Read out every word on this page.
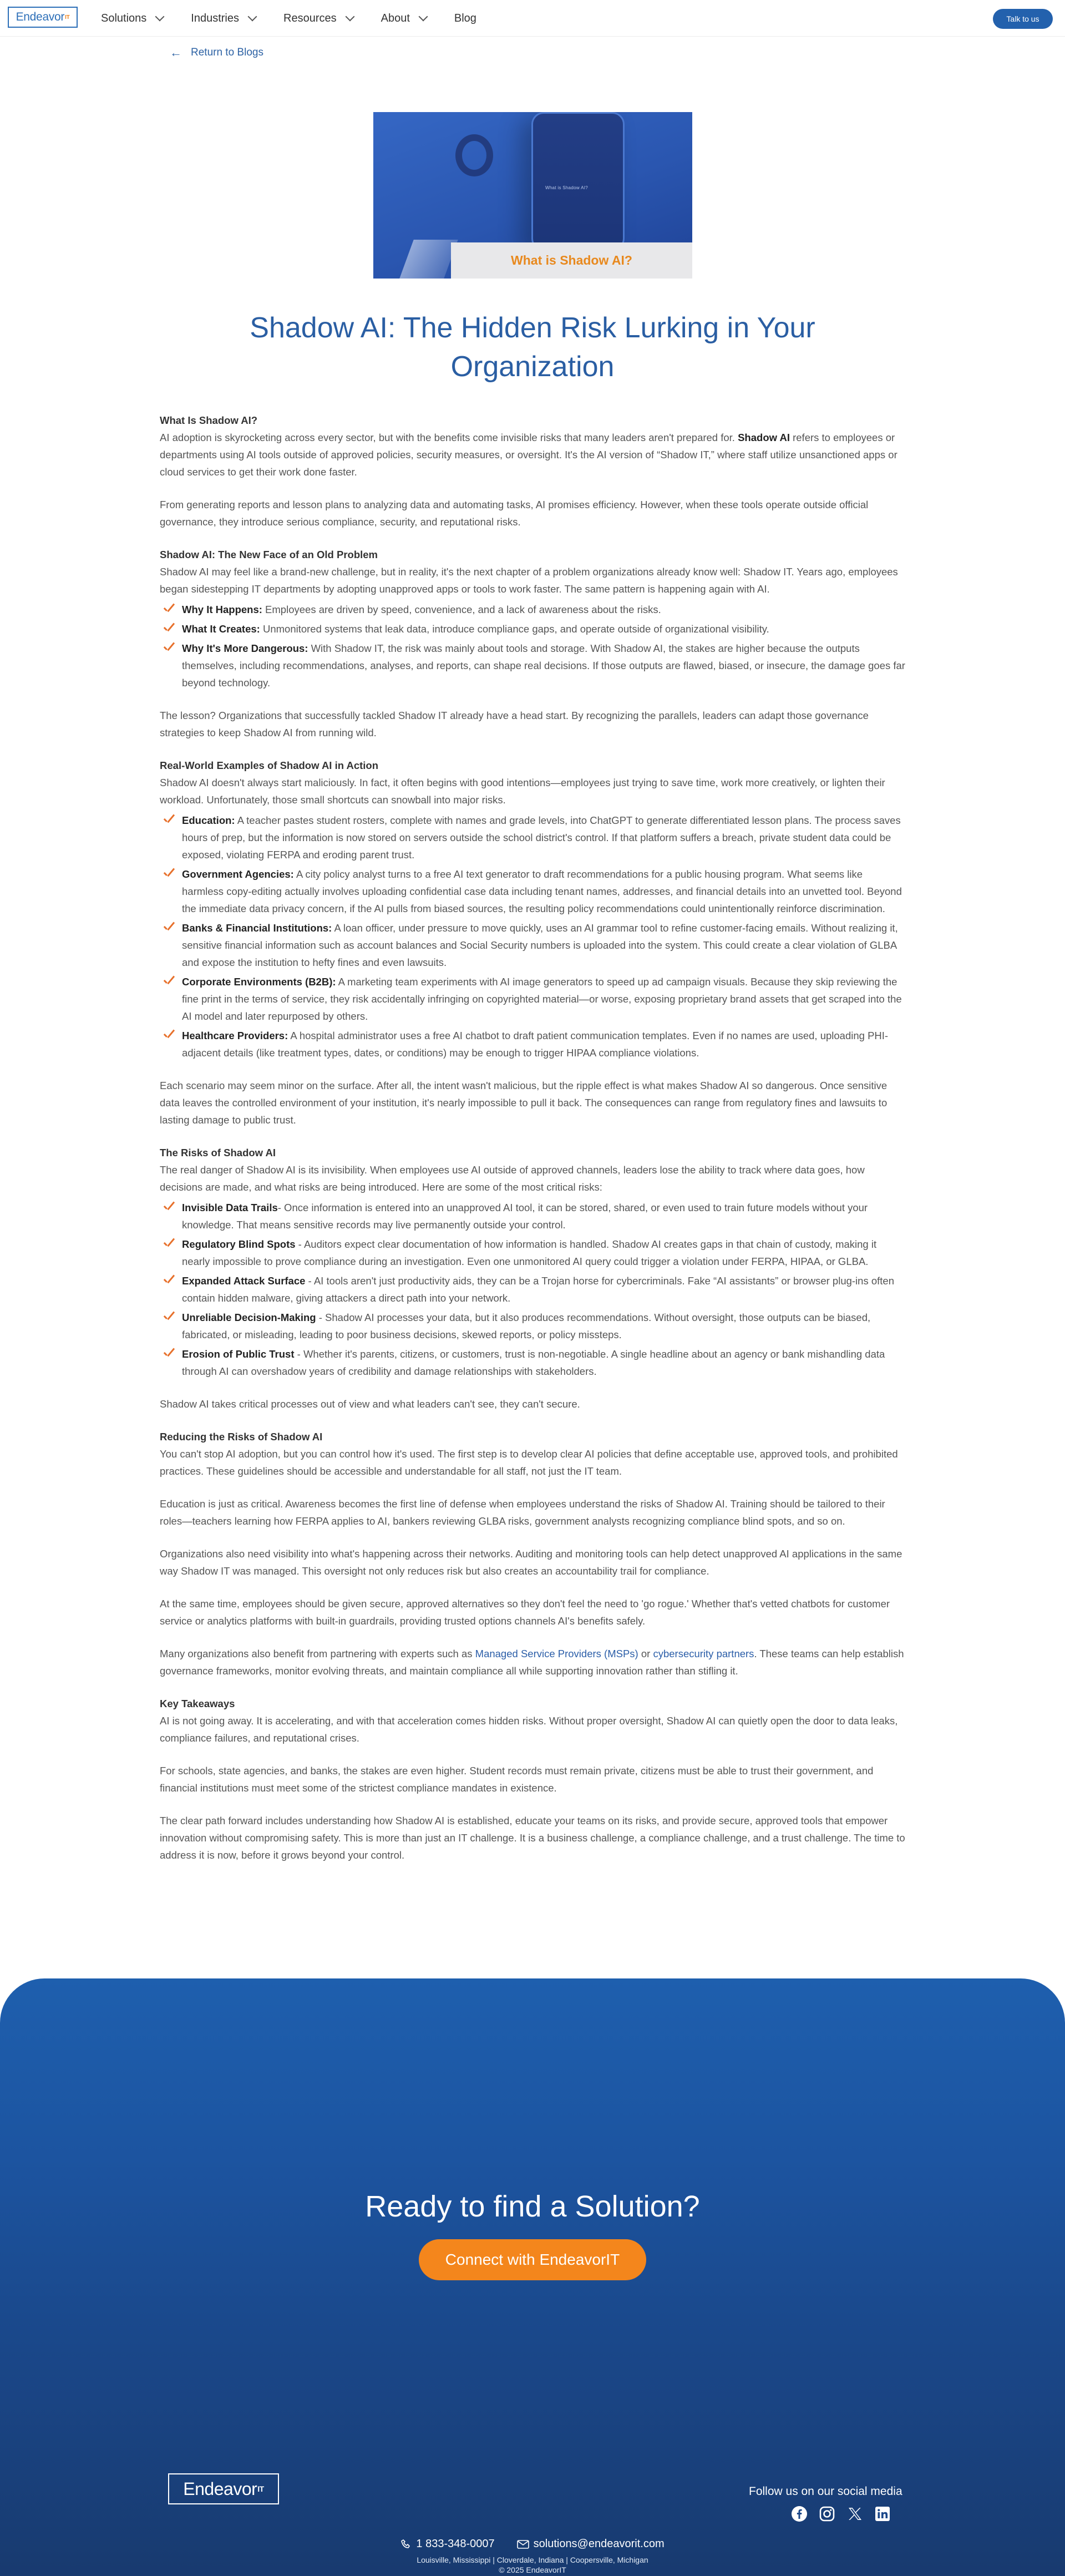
Endeavor IT	Solutions	Industries	Resources	About	Blog	Talk to us
← Return to Blogs
What is Shadow AI?
What is Shadow AI?
Shadow AI: The Hidden Risk Lurking in Your Organization
What Is Shadow AI?

AI adoption is skyrocketing across every sector, but with the benefits come invisible risks that many leaders aren't prepared for. Shadow AI refers to employees or departments using AI tools outside of approved policies, security measures, or oversight. It's the AI version of “Shadow IT,” where staff utilize unsanctioned apps or cloud services to get their work done faster.

From generating reports and lesson plans to analyzing data and automating tasks, AI promises efficiency. However, when these tools operate outside official governance, they introduce serious compliance, security, and reputational risks.

Shadow AI: The New Face of an Old Problem

Shadow AI may feel like a brand-new challenge, but in reality, it's the next chapter of a problem organizations already know well: Shadow IT. Years ago, employees began sidestepping IT departments by adopting unapproved apps or tools to work faster. The same pattern is happening again with AI.

Why It Happens: Employees are driven by speed, convenience, and a lack of awareness about the risks.
What It Creates: Unmonitored systems that leak data, introduce compliance gaps, and operate outside of organizational visibility.
Why It's More Dangerous: With Shadow IT, the risk was mainly about tools and storage. With Shadow AI, the stakes are higher because the outputs themselves, including recommendations, analyses, and reports, can shape real decisions. If those outputs are flawed, biased, or insecure, the damage goes far beyond technology.

The lesson? Organizations that successfully tackled Shadow IT already have a head start. By recognizing the parallels, leaders can adapt those governance strategies to keep Shadow AI from running wild.

Real-World Examples of Shadow AI in Action

Shadow AI doesn't always start maliciously. In fact, it often begins with good intentions—employees just trying to save time, work more creatively, or lighten their workload. Unfortunately, those small shortcuts can snowball into major risks.

Education: A teacher pastes student rosters, complete with names and grade levels, into ChatGPT to generate differentiated lesson plans. The process saves hours of prep, but the information is now stored on servers outside the school district's control. If that platform suffers a breach, private student data could be exposed, violating FERPA and eroding parent trust.
Government Agencies: A city policy analyst turns to a free AI text generator to draft recommendations for a public housing program. What seems like harmless copy-editing actually involves uploading confidential case data including tenant names, addresses, and financial details into an unvetted tool. Beyond the immediate data privacy concern, if the AI pulls from biased sources, the resulting policy recommendations could unintentionally reinforce discrimination.
Banks & Financial Institutions: A loan officer, under pressure to move quickly, uses an AI grammar tool to refine customer-facing emails. Without realizing it, sensitive financial information such as account balances and Social Security numbers is uploaded into the system. This could create a clear violation of GLBA and expose the institution to hefty fines and even lawsuits.
Corporate Environments (B2B): A marketing team experiments with AI image generators to speed up ad campaign visuals. Because they skip reviewing the fine print in the terms of service, they risk accidentally infringing on copyrighted material—or worse, exposing proprietary brand assets that get scraped into the AI model and later repurposed by others.
Healthcare Providers: A hospital administrator uses a free AI chatbot to draft patient communication templates. Even if no names are used, uploading PHI-adjacent details (like treatment types, dates, or conditions) may be enough to trigger HIPAA compliance violations.

Each scenario may seem minor on the surface. After all, the intent wasn't malicious, but the ripple effect is what makes Shadow AI so dangerous. Once sensitive data leaves the controlled environment of your institution, it's nearly impossible to pull it back. The consequences can range from regulatory fines and lawsuits to lasting damage to public trust.

The Risks of Shadow AI

The real danger of Shadow AI is its invisibility. When employees use AI outside of approved channels, leaders lose the ability to track where data goes, how decisions are made, and what risks are being introduced. Here are some of the most critical risks:

Invisible Data Trails- Once information is entered into an unapproved AI tool, it can be stored, shared, or even used to train future models without your knowledge. That means sensitive records may live permanently outside your control.
Regulatory Blind Spots - Auditors expect clear documentation of how information is handled. Shadow AI creates gaps in that chain of custody, making it nearly impossible to prove compliance during an investigation. Even one unmonitored AI query could trigger a violation under FERPA, HIPAA, or GLBA.
Expanded Attack Surface - AI tools aren't just productivity aids, they can be a Trojan horse for cybercriminals. Fake “AI assistants” or browser plug-ins often contain hidden malware, giving attackers a direct path into your network.
Unreliable Decision-Making - Shadow AI processes your data, but it also produces recommendations. Without oversight, those outputs can be biased, fabricated, or misleading, leading to poor business decisions, skewed reports, or policy missteps.
Erosion of Public Trust - Whether it's parents, citizens, or customers, trust is non-negotiable. A single headline about an agency or bank mishandling data through AI can overshadow years of credibility and damage relationships with stakeholders.

Shadow AI takes critical processes out of view and what leaders can't see, they can't secure.

Reducing the Risks of Shadow AI

You can't stop AI adoption, but you can control how it's used. The first step is to develop clear AI policies that define acceptable use, approved tools, and prohibited practices. These guidelines should be accessible and understandable for all staff, not just the IT team.

Education is just as critical. Awareness becomes the first line of defense when employees understand the risks of Shadow AI. Training should be tailored to their roles—teachers learning how FERPA applies to AI, bankers reviewing GLBA risks, government analysts recognizing compliance blind spots, and so on.

Organizations also need visibility into what's happening across their networks. Auditing and monitoring tools can help detect unapproved AI applications in the same way Shadow IT was managed. This oversight not only reduces risk but also creates an accountability trail for compliance.

At the same time, employees should be given secure, approved alternatives so they don't feel the need to 'go rogue.' Whether that's vetted chatbots for customer service or analytics platforms with built-in guardrails, providing trusted options channels AI's benefits safely.

Many organizations also benefit from partnering with experts such as Managed Service Providers (MSPs) or cybersecurity partners. These teams can help establish governance frameworks, monitor evolving threats, and maintain compliance all while supporting innovation rather than stifling it.

Key Takeaways

AI is not going away. It is accelerating, and with that acceleration comes hidden risks. Without proper oversight, Shadow AI can quietly open the door to data leaks, compliance failures, and reputational crises.

For schools, state agencies, and banks, the stakes are even higher. Student records must remain private, citizens must be able to trust their government, and financial institutions must meet some of the strictest compliance mandates in existence.

The clear path forward includes understanding how Shadow AI is established, educate your teams on its risks, and provide secure, approved tools that empower innovation without compromising safety. This is more than just an IT challenge. It is a business challenge, a compliance challenge, and a trust challenge. The time to address it is now, before it grows beyond your control.

Ready to find a Solution?
Connect with EndeavorIT
Endeavor IT	Follow us on our social media
1 833-348-0007	solutions@endeavorit.com
Louisville, Mississippi | Cloverdale, Indiana | Coopersville, Michigan
© 2025 EndeavorIT
